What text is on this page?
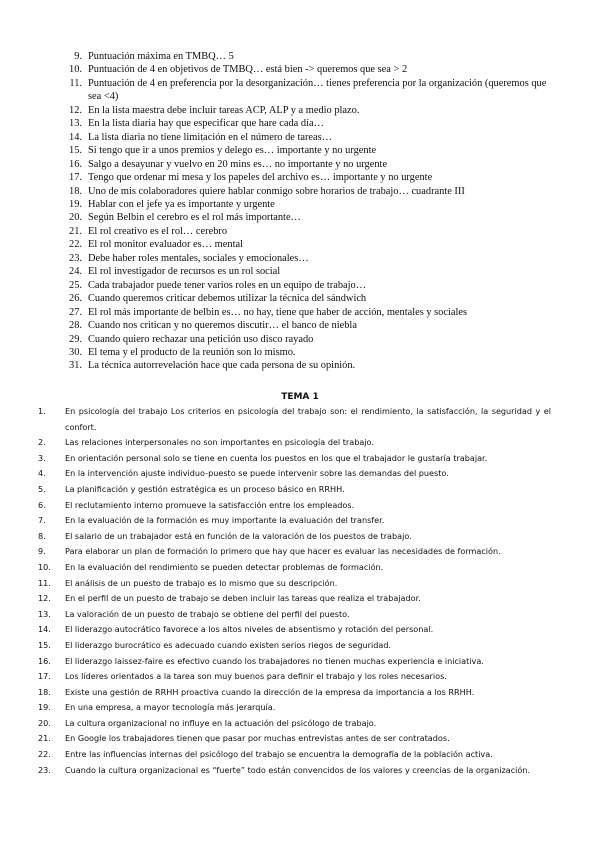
9. Puntuación máxima en TMBQ… 5
10. Puntuación de 4 en objetivos de TMBQ… está bien -> queremos que sea > 2
11. Puntuación de 4 en preferencia por la desorganización… tienes preferencia por la organización (queremos que sea <4)
12. En la lista maestra debe incluir tareas ACP, ALP y a medio plazo.
13. En la lista diaria hay que especificar que hare cada día…
14. La lista diaria no tiene limitación en el número de tareas…
15. Si tengo que ir a unos premios y delego es… importante y no urgente
16. Salgo a desayunar y vuelvo en 20 mins es… no importante y no urgente
17. Tengo que ordenar mi mesa y los papeles del archivo es… importante y no urgente
18. Uno de mis colaboradores quiere hablar conmigo sobre horarios de trabajo… cuadrante III
19. Hablar con el jefe ya es importante y urgente
20. Según Belbin el cerebro es el rol más importante…
21. El rol creativo es el rol… cerebro
22. El rol monitor evaluador es… mental
23. Debe haber roles mentales, sociales y emocionales…
24. El rol investigador de recursos es un rol social
25. Cada trabajador puede tener varios roles en un equipo de trabajo…
26. Cuando queremos criticar debemos utilizar la técnica del sándwich
27. El rol más importante de belbin es… no hay, tiene que haber de acción, mentales y sociales
28. Cuando nos critican y no queremos discutir… el banco de niebla
29. Cuando quiero rechazar una petición uso disco rayado
30. El tema y el producto de la reunión son lo mismo.
31. La técnica autorrevelación hace que cada persona de su opinión.
TEMA 1
1.	En psicología del trabajo Los criterios en psicología del trabajo son: el rendimiento, la satisfacción, la seguridad y el confort.
2.	Las relaciones interpersonales no son importantes en psicología del trabajo.
3.	En orientación personal solo se tiene en cuenta los puestos en los que el trabajador le gustaría trabajar.
4.	En la intervención ajuste individuo-puesto se puede intervenir sobre las demandas del puesto.
5.	La planificación y gestión estratégica es un proceso básico en RRHH.
6.	El reclutamiento interno promueve la satisfacción entre los empleados.
7.	En la evaluación de la formación es muy importante la evaluación del transfer.
8.	El salario de un trabajador está en función de la valoración de los puestos de trabajo.
9.	Para elaborar un plan de formación lo primero que hay que hacer es evaluar las necesidades de formación.
10.	En la evaluación del rendimiento se pueden detectar problemas de formación.
11.	El análisis de un puesto de trabajo es lo mismo que su descripción.
12.	En el perfil de un puesto de trabajo se deben incluir las tareas que realiza el trabajador.
13.	La valoración de un puesto de trabajo se obtiene del perfil del puesto.
14.	El liderazgo autocrático favorece a los altos niveles de absentismo y rotación del personal.
15.	El liderazgo burocrático es adecuado cuando existen serios riegos de seguridad.
16.	El liderazgo laissez-faire es efectivo cuando los trabajadores no tienen muchas experiencia e iniciativa.
17.	Los líderes orientados a la tarea son muy buenos para definir el trabajo y los roles necesarios.
18.	Existe una gestión de RRHH proactiva cuando la dirección de la empresa da importancia a los RRHH.
19.	En una empresa, a mayor tecnología más jerarquía.
20.	La cultura organizacional no influye en la actuación del psicólogo de trabajo.
21.	En Google los trabajadores tienen que pasar por muchas entrevistas antes de ser contratados.
22.	Entre las influencias internas del psicólogo del trabajo se encuentra la demografía de la población activa.
23.	Cuando la cultura organizacional es “fuerte” todo están convencidos de los valores y creencias de la organización.
